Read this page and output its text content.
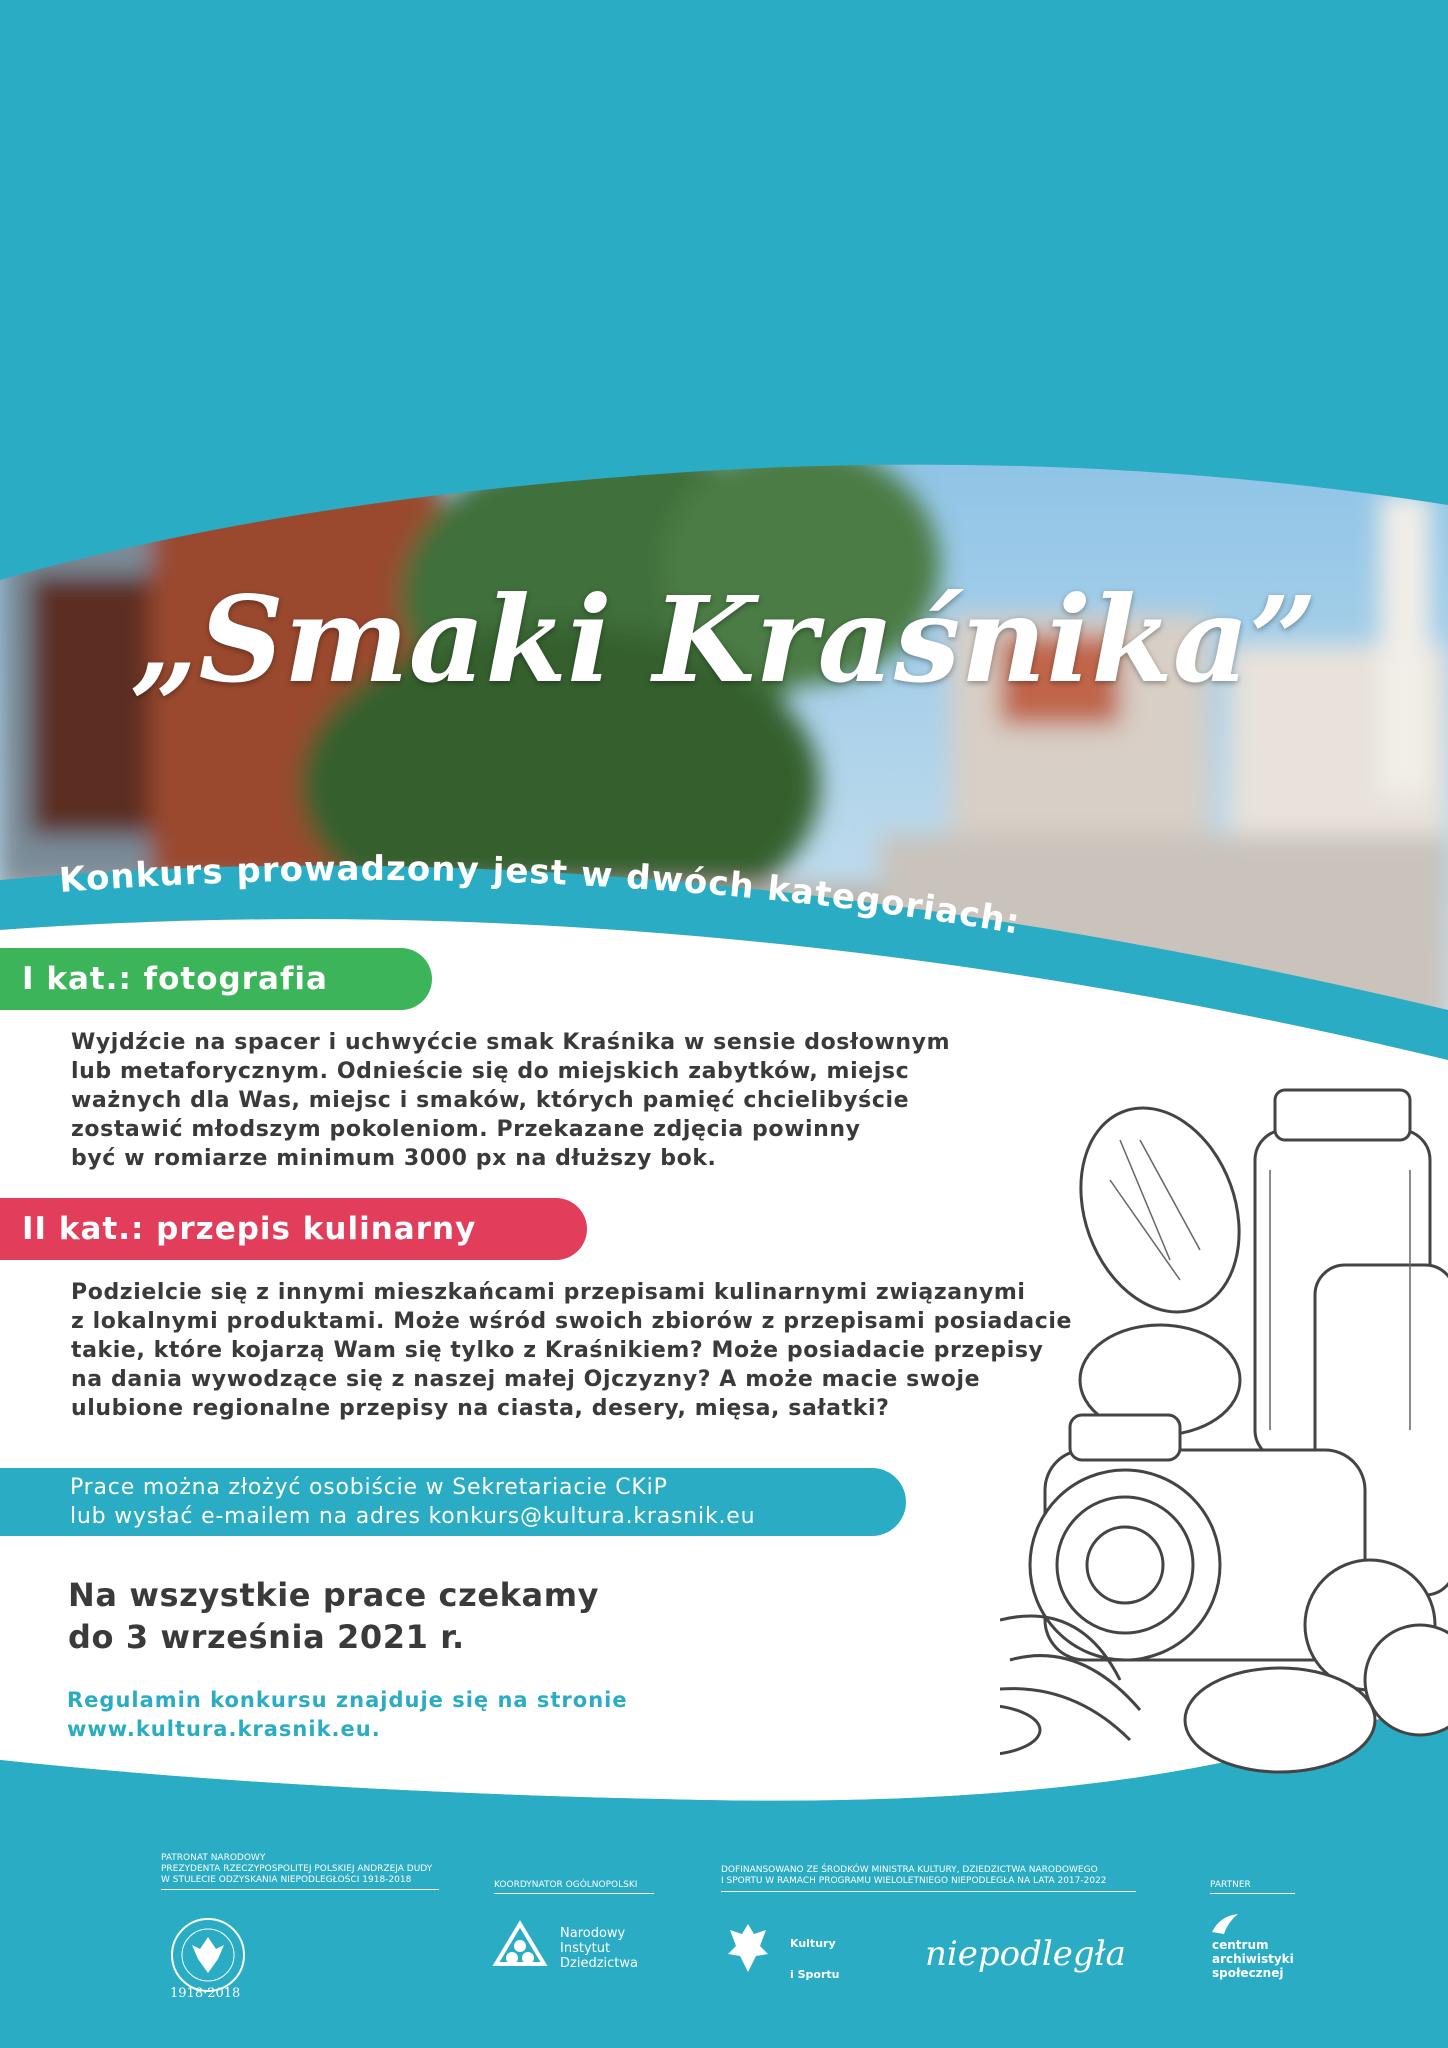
„Smaki Kraśnika”
Konkurs prowadzony jest w dwóch kategoriach:
I kat.: fotografia
Wyjdźcie na spacer i uchwyćcie smak Kraśnika w sensie dosłownym
lub metaforycznym. Odnieście się do miejskich zabytków, miejsc
ważnych dla Was, miejsc i smaków, których pamięć chcielibyście
zostawić młodszym pokoleniom. Przekazane zdjęcia powinny
być w romiarze minimum 3000 px na dłuższy bok.
II kat.: przepis kulinarny
Podzielcie się z innymi mieszkańcami przepisami kulinarnymi związanymi
z lokalnymi produktami. Może wśród swoich zbiorów z przepisami posiadacie
takie, które kojarzą Wam się tylko z Kraśnikiem? Może posiadacie przepisy
na dania wywodzące się z naszej małej Ojczyzny? A może macie swoje
ulubione regionalne przepisy na ciasta, desery, mięsa, sałatki?
Prace można złożyć osobiście w Sekretariacie CKiP
lub wysłać e-mailem na adres konkurs@kultura.krasnik.eu
Na wszystkie prace czekamy
do 3 września 2021 r.
Regulamin konkursu znajduje się na stronie
www.kultura.krasnik.eu.
PATRONAT NARODOWY
PREZYDENTA RZECZYPOSPOLITEJ POLSKIEJ ANDRZEJA DUDY
W STULECIE ODZYSKANIA NIEPODLEGŁOŚCI 1918-2018
1918·2018
KOORDYNATOR OGÓLNOPOLSKI
Narodowy
Instytut
Dziedzictwa
DOFINANSOWANO ZE ŚRODKÓW MINISTRA KULTURY, DZIEDZICTWA NARODOWEGO
I SPORTU W RAMACH PROGRAMU WIELOLETNIEGO NIEPODLEGŁA NA LATA 2017-2022
Kultury
i Sportu
niepodległa
PARTNER
centrum
archiwistyki
społecznej
